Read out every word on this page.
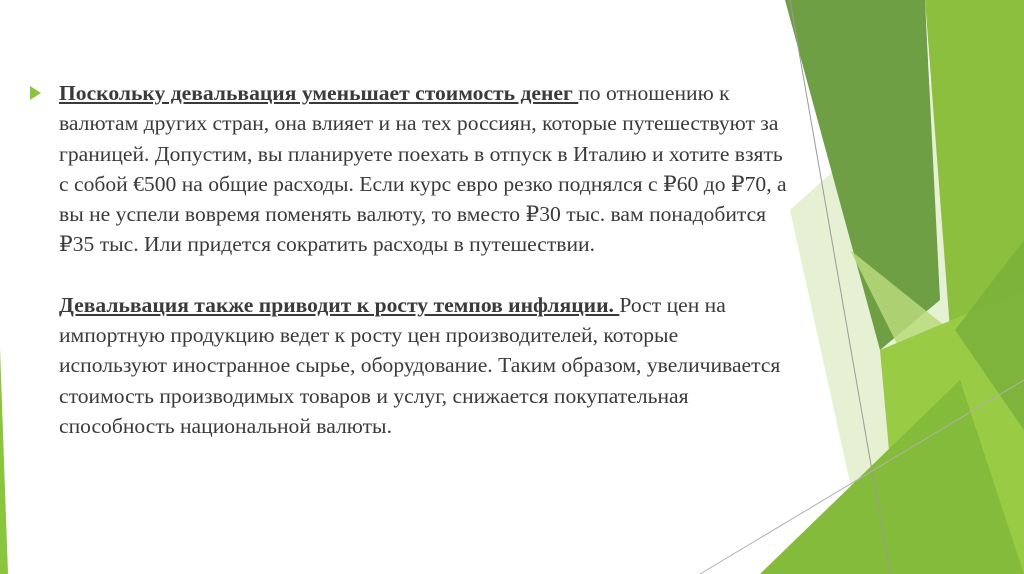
Поскольку девальвация уменьшает стоимость денег по отношению к валютам других стран, она влияет и на тех россиян, которые путешествуют за границей. Допустим, вы планируете поехать в отпуск в Италию и хотите взять с собой €500 на общие расходы. Если курс евро резко поднялся с ₽60 до ₽70, а вы не успели вовремя поменять валюту, то вместо ₽30 тыс. вам понадобится ₽35 тыс. Или придется сократить расходы в путешествии.

Девальвация также приводит к росту темпов инфляции. Рост цен на импортную продукцию ведет к росту цен производителей, которые используют иностранное сырье, оборудование. Таким образом, увеличивается стоимость производимых товаров и услуг, снижается покупательная способность национальной валюты.
